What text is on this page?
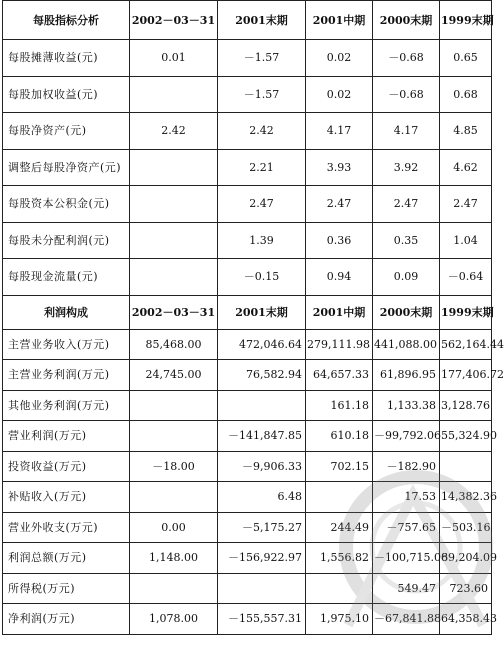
每股指标分析	2002－03－31	2001末期	2001中期	2000末期	1999末期
每股摊薄收益(元)	0.01	－1.57	0.02	－0.68	0.65
每股加权收益(元)		－1.57	0.02	－0.68	0.68
每股净资产(元)	2.42	2.42	4.17	4.17	4.85
调整后每股净资产(元)		2.21	3.93	3.92	4.62
每股资本公积金(元)		2.47	2.47	2.47	2.47
每股未分配利润(元)		1.39	0.36	0.35	1.04
每股现金流量(元)		－0.15	0.94	0.09	－0.64
利润构成	2002－03－31	2001末期	2001中期	2000末期	1999末期
主营业务收入(万元)	85,468.00	472,046.64	279,111.98	441,088.00	562,164.44
主营业务利润(万元)	24,745.00	76,582.94	64,657.33	61,896.95	177,406.72
其他业务利润(万元)			161.18	1,133.38	3,128.76
营业利润(万元)		－141,847.85	610.18	－99,792.06	55,324.90
投资收益(万元)	－18.00	－9,906.33	702.15	－182.90	
补贴收入(万元)		6.48		17.53	14,382.36
营业外收支(万元)	0.00	－5,175.27	244.49	－757.65	－503.16
利润总额(万元)	1,148.00	－156,922.97	1,556.82	－100,715.08	69,204.09
所得税(万元)				549.47	723.60
净利润(万元)	1,078.00	－155,557.31	1,975.10	－67,841.88	64,358.43
